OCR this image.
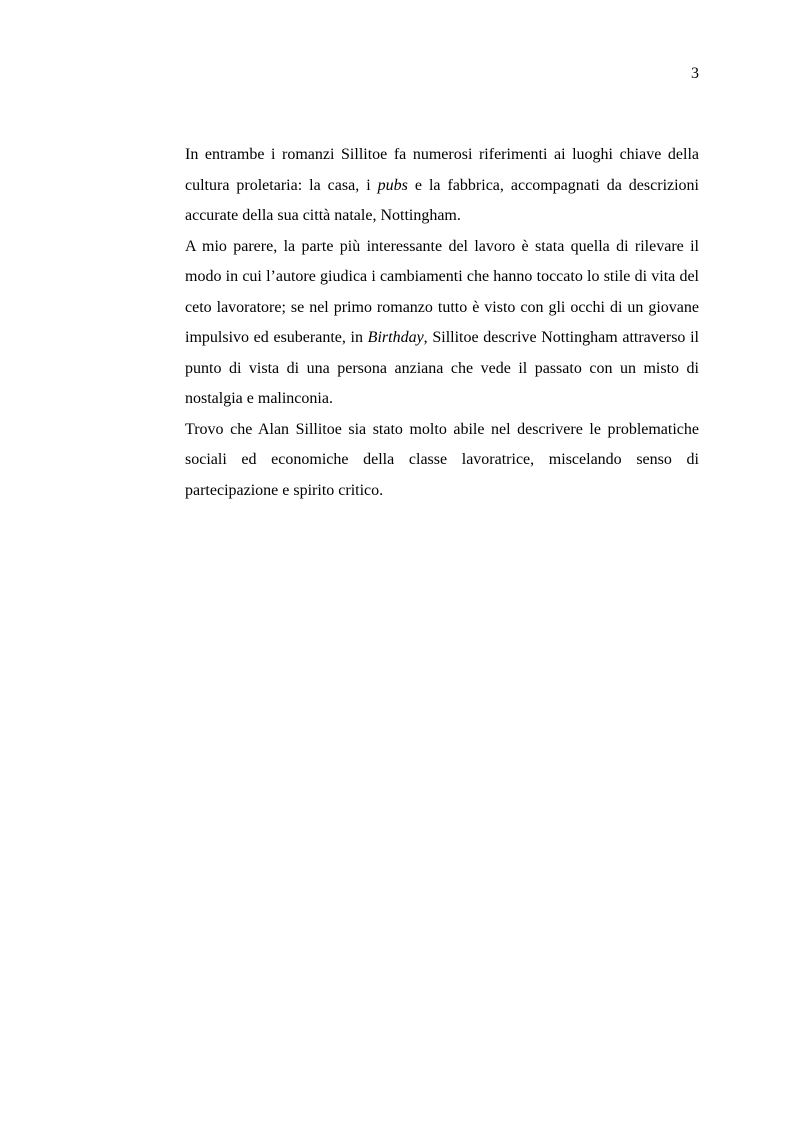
3

In entrambe i romanzi Sillitoe fa numerosi riferimenti ai luoghi chiave della cultura proletaria: la casa, i pubs e la fabbrica, accompagnati da descrizioni accurate della sua città natale, Nottingham.

A mio parere, la parte più interessante del lavoro è stata quella di rilevare il modo in cui l’autore giudica i cambiamenti che hanno toccato lo stile di vita del ceto lavoratore; se nel primo romanzo tutto è visto con gli occhi di un giovane impulsivo ed esuberante, in Birthday, Sillitoe descrive Nottingham attraverso il punto di vista di una persona anziana che vede il passato con un misto di nostalgia e malinconia.

Trovo che Alan Sillitoe sia stato molto abile nel descrivere le problematiche sociali ed economiche della classe lavoratrice, miscelando senso di partecipazione e spirito critico.
